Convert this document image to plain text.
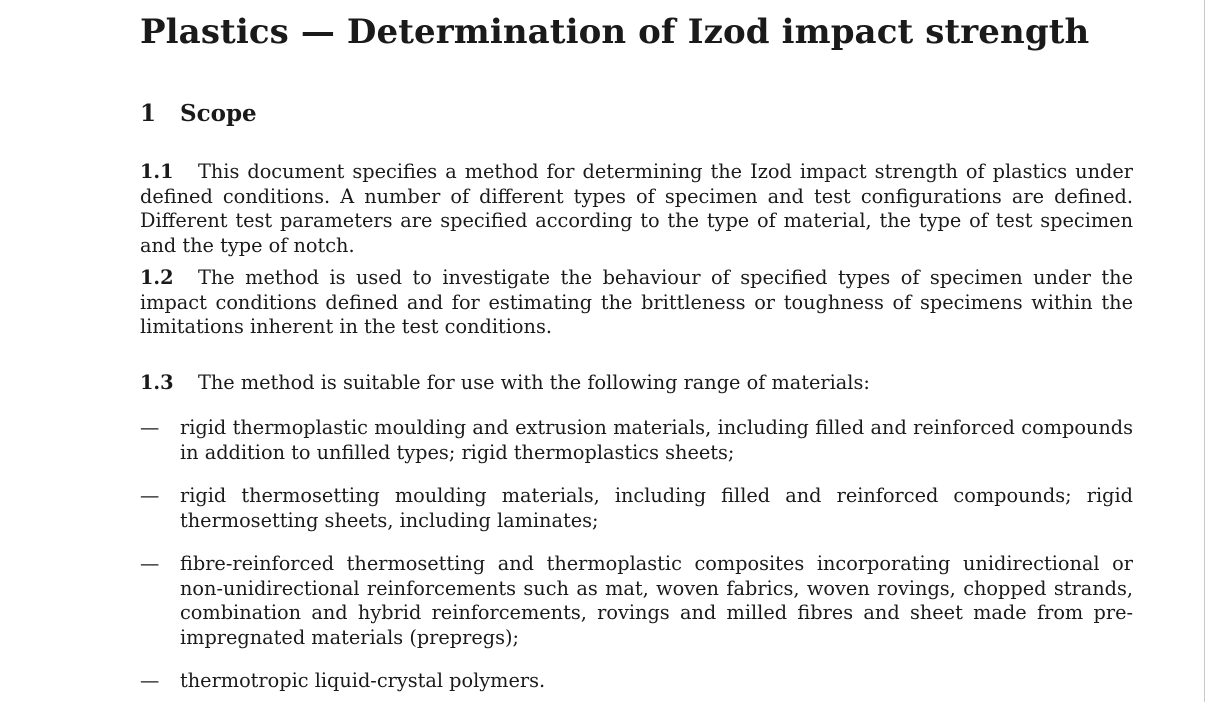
Plastics — Determination of Izod impact strength
1 Scope

1.1 This document specifies a method for determining the Izod impact strength of plastics under defined conditions. A number of different types of specimen and test configurations are defined. Different test parameters are specified according to the type of material, the type of test specimen and the type of notch.

1.2 The method is used to investigate the behaviour of specified types of specimen under the impact conditions defined and for estimating the brittleness or toughness of specimens within the limitations inherent in the test conditions.

1.3 The method is suitable for use with the following range of materials:

—	rigid thermoplastic moulding and extrusion materials, including filled and reinforced compounds in addition to unfilled types; rigid thermoplastics sheets;
—	rigid thermosetting moulding materials, including filled and reinforced compounds; rigid thermosetting sheets, including laminates;
—	fibre-reinforced thermosetting and thermoplastic composites incorporating unidirectional or non-unidirectional reinforcements such as mat, woven fabrics, woven rovings, chopped strands, combination and hybrid reinforcements, rovings and milled fibres and sheet made from pre-impregnated materials (prepregs);
—	thermotropic liquid-crystal polymers.
